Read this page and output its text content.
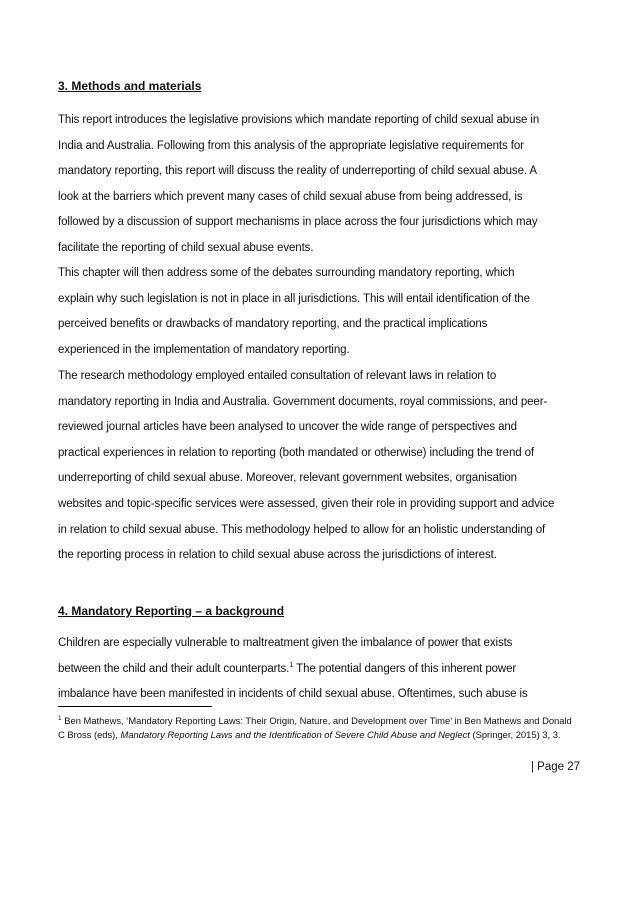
3. Methods and materials

This report introduces the legislative provisions which mandate reporting of child sexual abuse in
India and Australia. Following from this analysis of the appropriate legislative requirements for
mandatory reporting, this report will discuss the reality of underreporting of child sexual abuse. A
look at the barriers which prevent many cases of child sexual abuse from being addressed, is
followed by a discussion of support mechanisms in place across the four jurisdictions which may
facilitate the reporting of child sexual abuse events.

This chapter will then address some of the debates surrounding mandatory reporting, which
explain why such legislation is not in place in all jurisdictions. This will entail identification of the
perceived benefits or drawbacks of mandatory reporting, and the practical implications
experienced in the implementation of mandatory reporting.

The research methodology employed entailed consultation of relevant laws in relation to
mandatory reporting in India and Australia. Government documents, royal commissions, and peer-
reviewed journal articles have been analysed to uncover the wide range of perspectives and
practical experiences in relation to reporting (both mandated or otherwise) including the trend of
underreporting of child sexual abuse. Moreover, relevant government websites, organisation
websites and topic-specific services were assessed, given their role in providing support and advice
in relation to child sexual abuse. This methodology helped to allow for an holistic understanding of
the reporting process in relation to child sexual abuse across the jurisdictions of interest.

4. Mandatory Reporting – a background

Children are especially vulnerable to maltreatment given the imbalance of power that exists
between the child and their adult counterparts.$^1$ The potential dangers of this inherent power
imbalance have been manifested in incidents of child sexual abuse. Oftentimes, such abuse is

$^1$ Ben Mathews, ‘Mandatory Reporting Laws: Their Origin, Nature, and Development over Time’ in Ben Mathews and Donald C Bross (eds), Mandatory Reporting Laws and the Identification of Severe Child Abuse and Neglect (Springer, 2015) 3, 3.

| Page 27
